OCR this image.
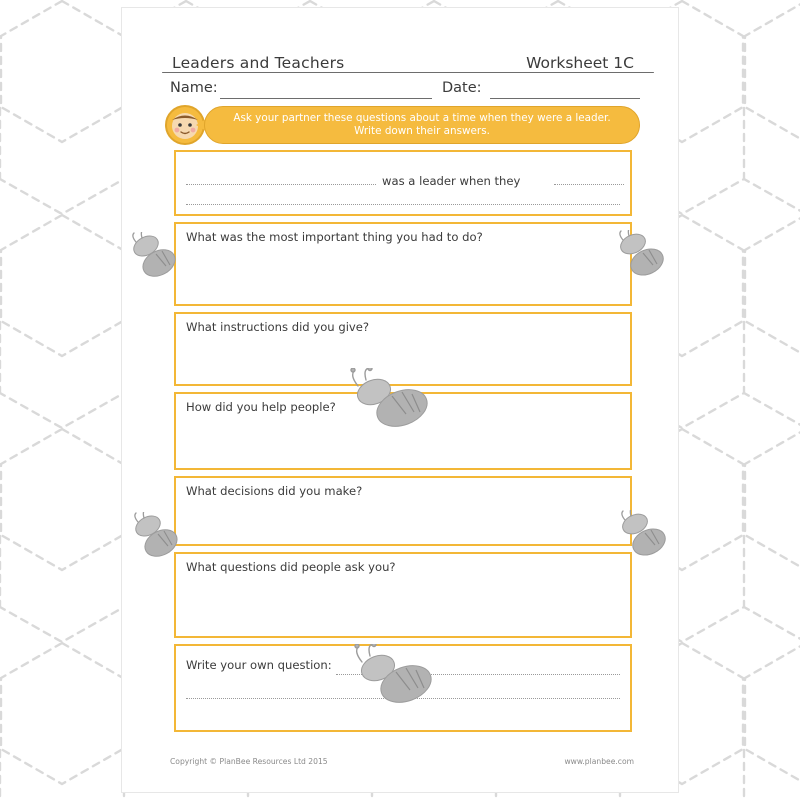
Leaders and Teachers	Worksheet 1C
Name:	Date:
Ask your partner these questions about a time when they were a leader. Write down their answers.
was a leader when they
What was the most important thing you had to do?
What instructions did you give?
How did you help people?
What decisions did you make?
What questions did people ask you?
Write your own question:
Copyright © PlanBee Resources Ltd 2015	www.planbee.com
